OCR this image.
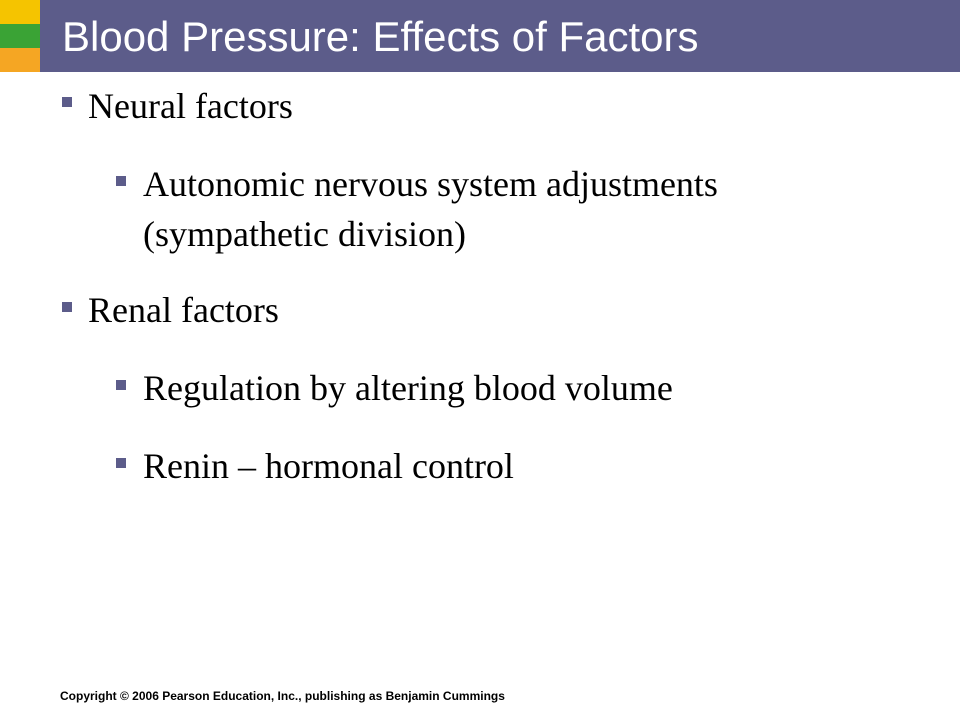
Blood Pressure: Effects of Factors
Neural factors
Autonomic nervous system adjustments
(sympathetic division)
Renal factors
Regulation by altering blood volume
Renin – hormonal control
Copyright © 2006 Pearson Education, Inc., publishing as Benjamin Cummings
